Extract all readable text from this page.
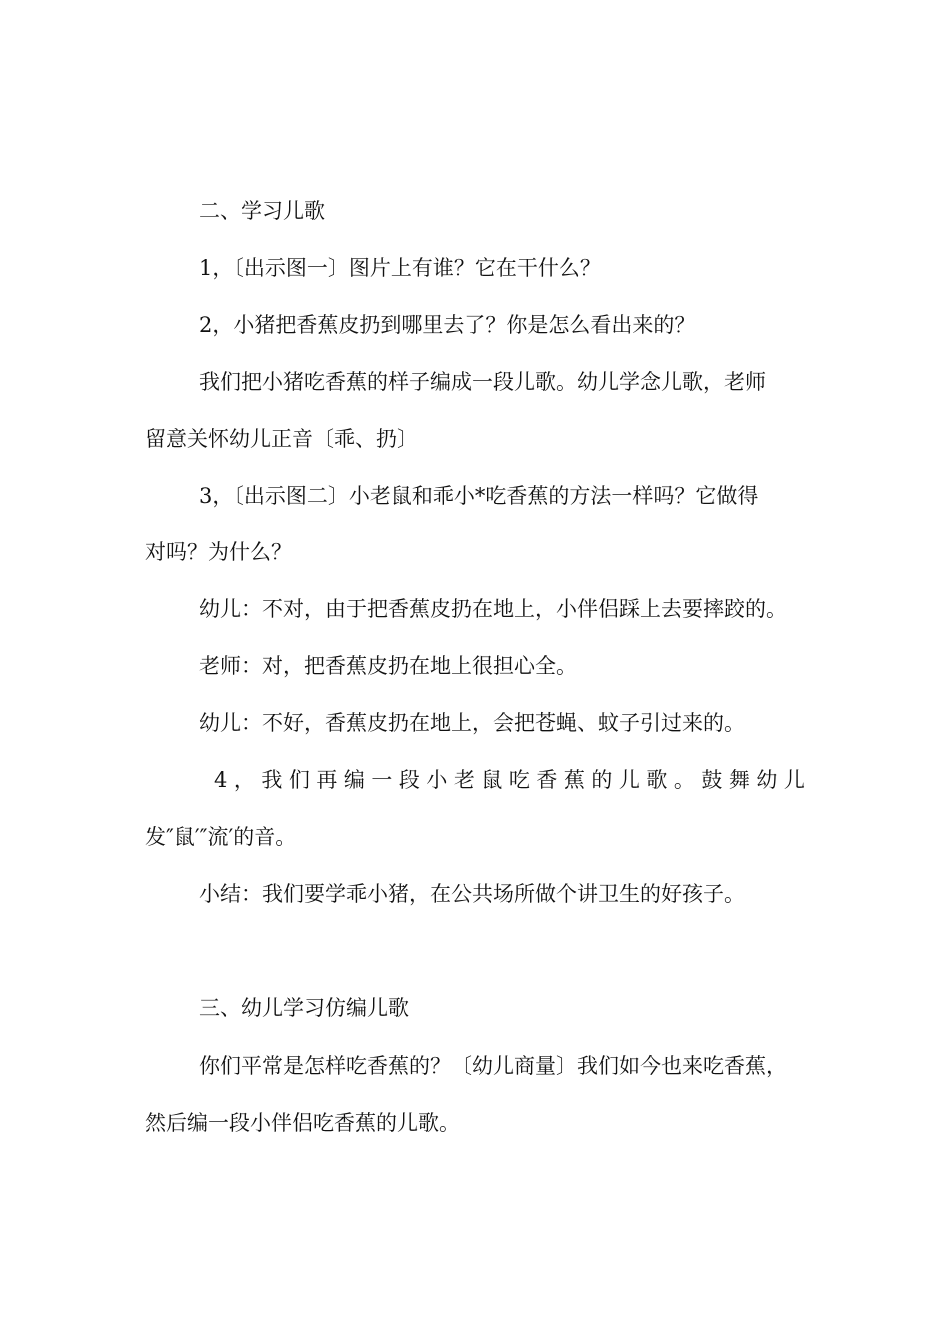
二、学习儿歌
1，〔出示图一〕图片上有谁？它在干什么？
2，小猪把香蕉皮扔到哪里去了？你是怎么看出来的？
我们把小猪吃香蕉的样子编成一段儿歌。幼儿学念儿歌，老师
留意关怀幼儿正音〔乖、扔〕
3，〔出示图二〕小老鼠和乖小*吃香蕉的方法一样吗？它做得
对吗？为什么？
幼儿：不对，由于把香蕉皮扔在地上，小伴侣踩上去要摔跤的。
老师：对，把香蕉皮扔在地上很担心全。
幼儿：不好，香蕉皮扔在地上，会把苍蝇、蚊子引过来的。
4，我们再编一段小老鼠吃香蕉的儿歌。鼓舞幼儿
发″鼠′″流′的音。
小结：我们要学乖小猪，在公共场所做个讲卫生的好孩子。
三、幼儿学习仿编儿歌
你们平常是怎样吃香蕉的？〔幼儿商量〕我们如今也来吃香蕉，
然后编一段小伴侣吃香蕉的儿歌。
